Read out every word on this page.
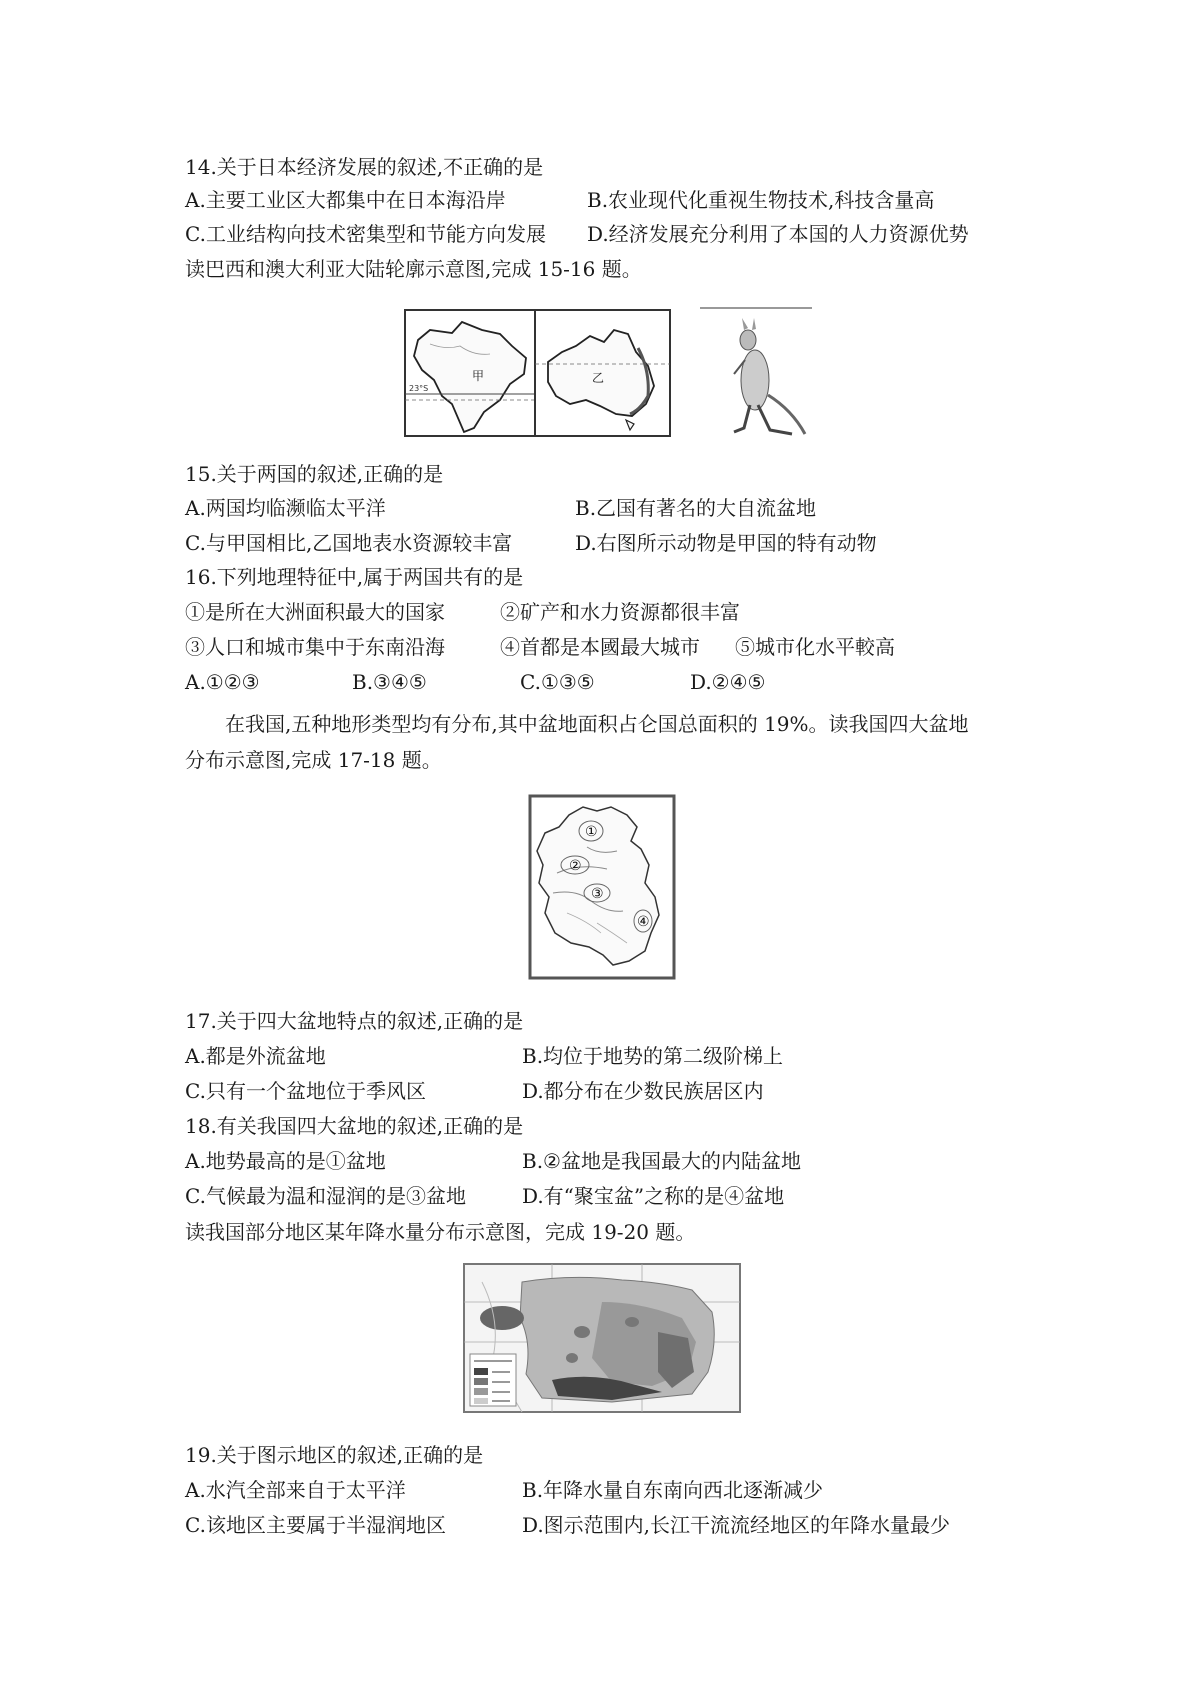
14.关于日本经济发展的叙述,不正确的是
A.主要工业区大都集中在日本海沿岸	B.农业现代化重视生物技术,科技含量高
C.工业结构向技术密集型和节能方向发展 D.经济发展充分利用了本国的人力资源优势
读巴西和澳大利亚大陆轮廓示意图,完成 15-16 题。
23°S
甲	乙
15.关于两国的叙述,正确的是
A.两国均临濒临太平洋	B.乙国有著名的大自流盆地
C.与甲国相比,乙国地表水资源较丰富	D.右图所示动物是甲国的特有动物
16.下列地理特征中,属于两国共有的是
①是所在大洲面积最大的国家	②矿产和水力资源都很丰富
③人口和城市集中于东南沿海	④首都是本國最大城市 ⑤城市化水平較高
A.①②③	B.③④⑤	C.①③⑤	D.②④⑤
在我国,五种地形类型均有分布,其中盆地面积占仑国总面积的 19%。读我国四大盆地
分布示意图,完成 17-18 题。
①
②
③
④
17.关于四大盆地特点的叙述,正确的是
A.都是外流盆地	B.均位于地势的第二级阶梯上
C.只有一个盆地位于季风区	D.都分布在少数民族居区内
18.有关我国四大盆地的叙述,正确的是
A.地势最高的是①盆地	B.②盆地是我国最大的内陆盆地
C.气候最为温和湿润的是③盆地	D.有“聚宝盆”之称的是④盆地
读我国部分地区某年降水量分布示意图，完成 19-20 题。
19.关于图示地区的叙述,正确的是
A.水汽全部来自于太平洋	B.年降水量自东南向西北逐渐减少
C.该地区主要属于半湿润地区	D.图示范围内,长江干流流经地区的年降水量最少
